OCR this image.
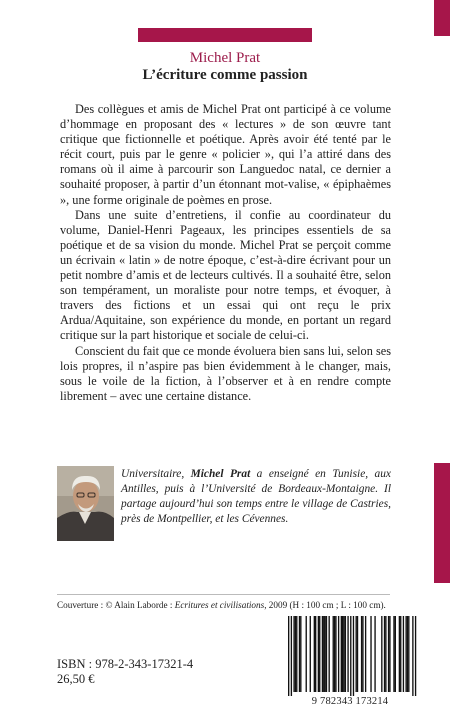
Michel Prat
L’écriture comme passion

Des collègues et amis de Michel Prat ont participé à ce volume d’hommage en proposant des « lectures » de son œuvre tant critique que fictionnelle et poétique. Après avoir été tenté par le récit court, puis par le genre « policier », qui l’a attiré dans des romans où il aime à parcourir son Languedoc natal, ce dernier a souhaité proposer, à partir d’un étonnant mot-valise, « épiphaèmes », une forme originale de poèmes en prose.

Dans une suite d’entretiens, il confie au coordinateur du volume, Daniel-Henri Pageaux, les principes essentiels de sa poétique et de sa vision du monde. Michel Prat se perçoit comme un écrivain « latin » de notre époque, c’est-à-dire écrivant pour un petit nombre d’amis et de lecteurs cultivés. Il a souhaité être, selon son tempérament, un moraliste pour notre temps, et évoquer, à travers des fictions et un essai qui ont reçu le prix Ardua/Aquitaine, son expérience du monde, en portant un regard critique sur la part historique et sociale de celui-ci.

Conscient du fait que ce monde évoluera bien sans lui, selon ses lois propres, il n’aspire pas bien évidemment à le changer, mais, sous le voile de la fiction, à l’observer et à en rendre compte librement – avec une certaine distance.

Universitaire, Michel Prat a enseigné en Tunisie, aux Antilles, puis à l’Université de Bordeaux-Montaigne. Il partage aujourd’hui son temps entre le village de Castries, près de Montpellier, et les Cévennes.
Couverture : © Alain Laborde : Ecritures et civilisations, 2009 (H : 100 cm ; L : 100 cm).
ISBN : 978-2-343-17321-4
26,50 €
9 782343 173214
